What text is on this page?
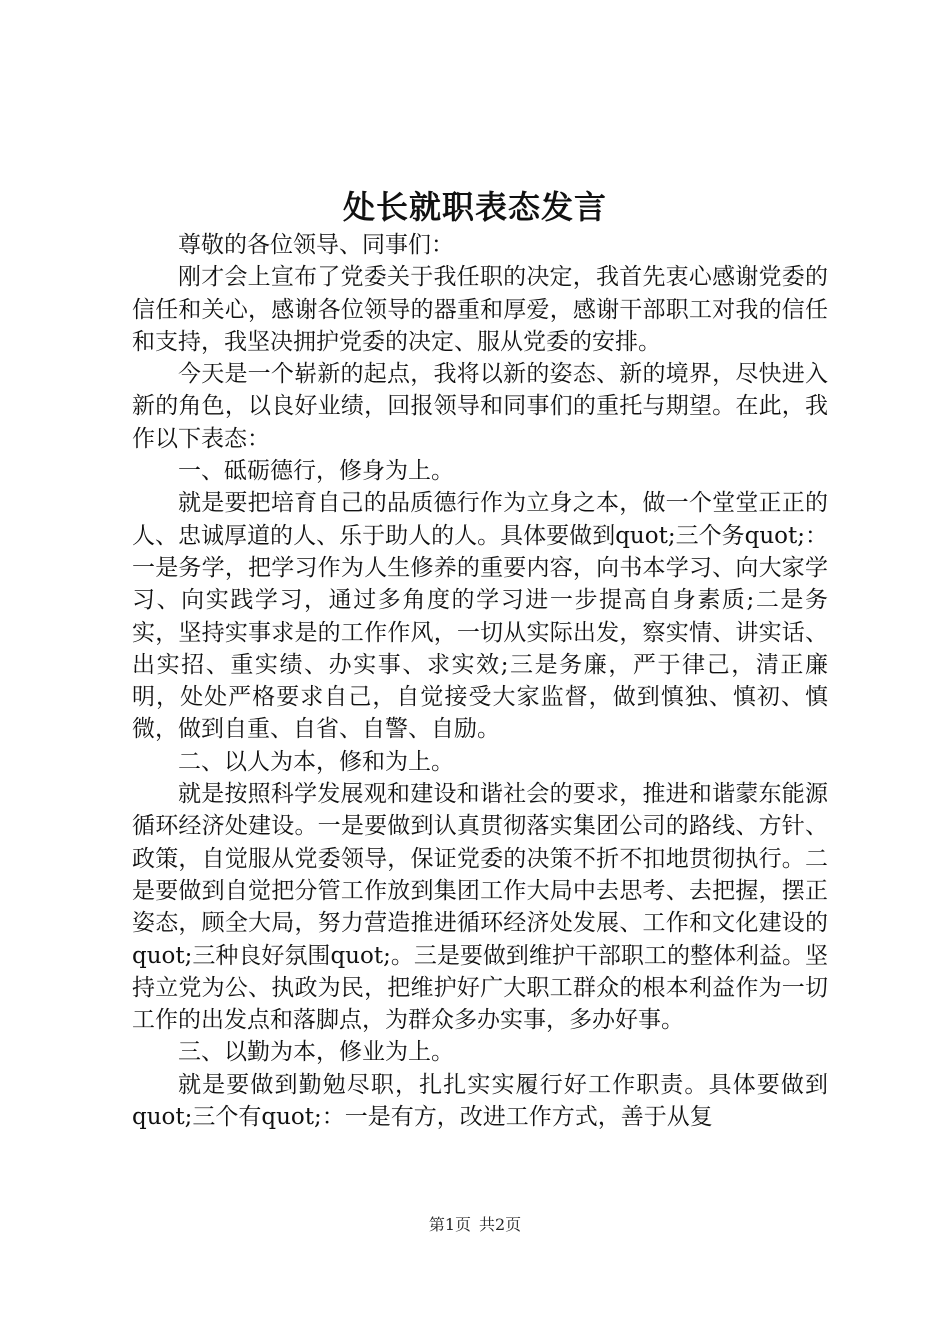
处长就职表态发言

尊敬的各位领导、同事们：

刚才会上宣布了党委关于我任职的决定，我首先衷心感谢党委的信任和关心，感谢各位领导的器重和厚爱，感谢干部职工对我的信任和支持，我坚决拥护党委的决定、服从党委的安排。

今天是一个崭新的起点，我将以新的姿态、新的境界，尽快进入新的角色，以良好业绩，回报领导和同事们的重托与期望。在此，我作以下表态：

一、砥砺德行，修身为上。

就是要把培育自己的品质德行作为立身之本，做一个堂堂正正的人、忠诚厚道的人、乐于助人的人。具体要做到quot;三个务quot;：一是务学，把学习作为人生修养的重要内容，向书本学习、向大家学习、向实践学习，通过多角度的学习进一步提高自身素质;二是务实，坚持实事求是的工作作风，一切从实际出发，察实情、讲实话、出实招、重实绩、办实事、求实效;三是务廉，严于律己，清正廉明，处处严格要求自己，自觉接受大家监督，做到慎独、慎初、慎微，做到自重、自省、自警、自励。

二、以人为本，修和为上。

就是按照科学发展观和建设和谐社会的要求，推进和谐蒙东能源循环经济处建设。一是要做到认真贯彻落实集团公司的路线、方针、政策，自觉服从党委领导，保证党委的决策不折不扣地贯彻执行。二是要做到自觉把分管工作放到集团工作大局中去思考、去把握，摆正姿态，顾全大局，努力营造推进循环经济处发展、工作和文化建设的quot;三种良好氛围quot;。三是要做到维护干部职工的整体利益。坚持立党为公、执政为民，把维护好广大职工群众的根本利益作为一切工作的出发点和落脚点，为群众多办实事，多办好事。

三、以勤为本，修业为上。

就是要做到勤勉尽职，扎扎实实履行好工作职责。具体要做到quot;三个有quot;：一是有方，改进工作方式，善于从复

第1页 共2页
